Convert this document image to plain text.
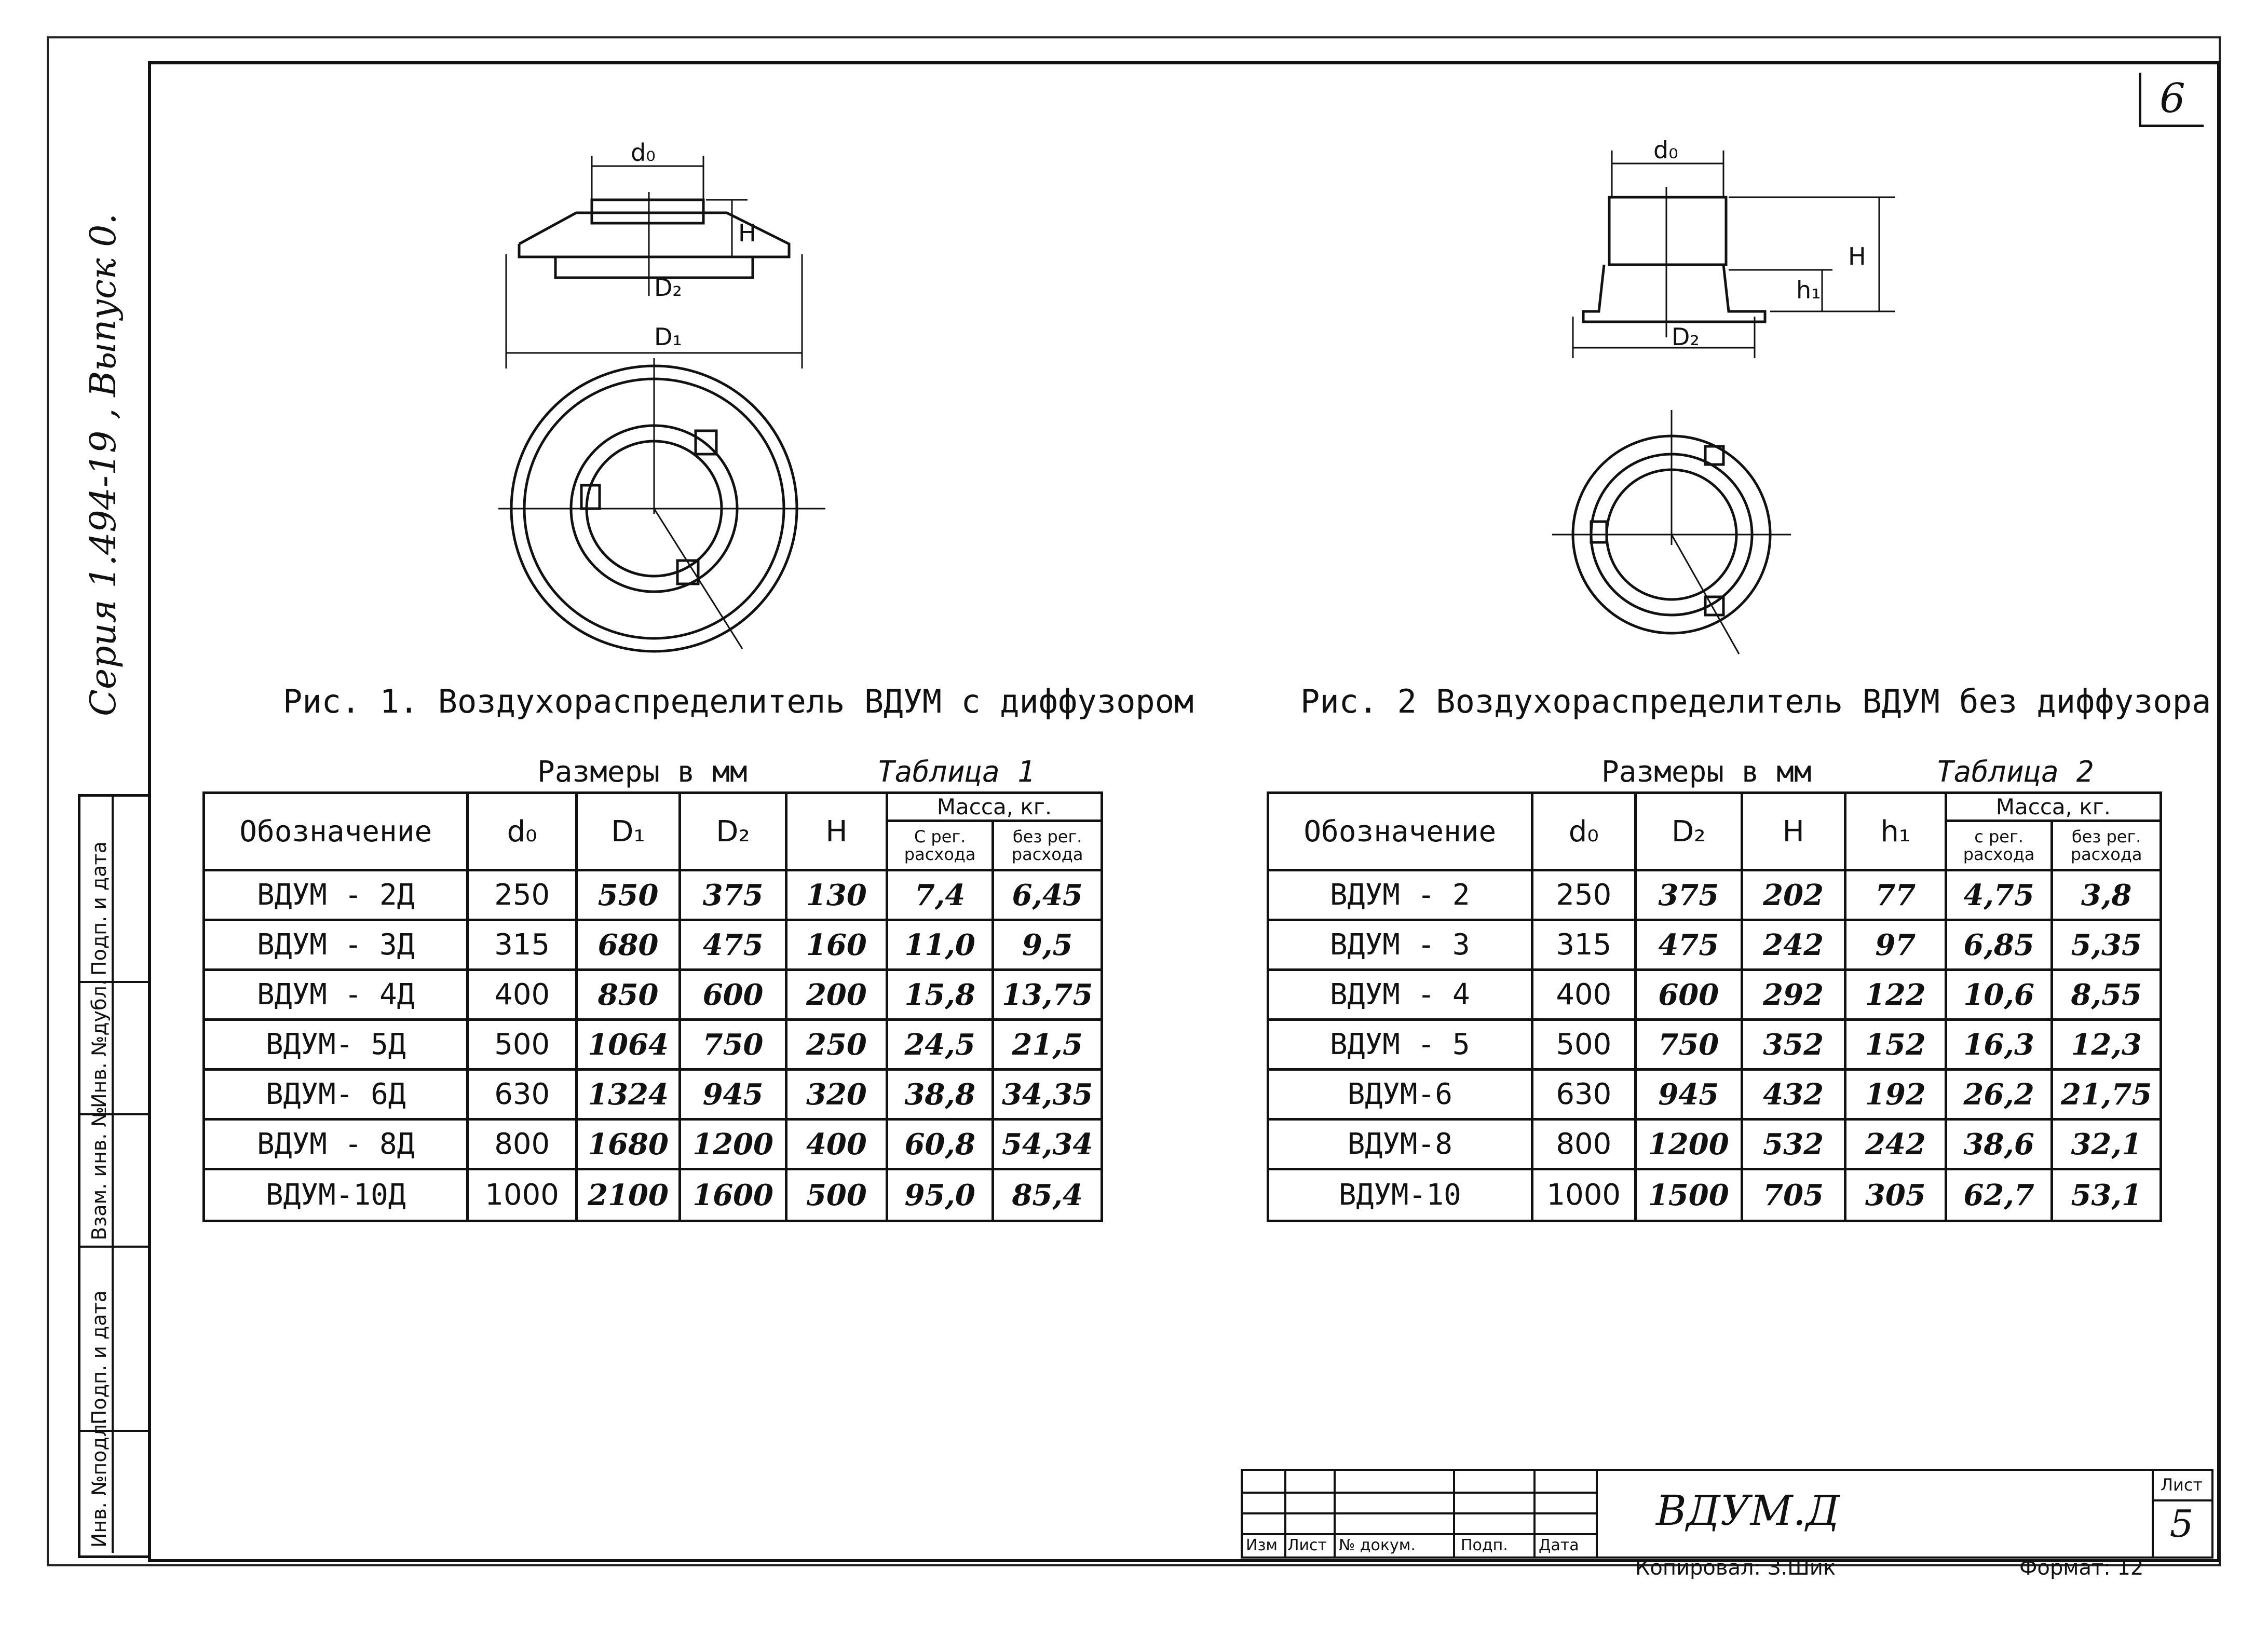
6
Серия 1.494-19 , Выпуск 0.
Подп. и дата
Инв. №дубл.
Взам. инв. №
Подп. и дата
Инв. №подл.
d₀
H
D₂
D₁
Рис. 1. Воздухораспределитель ВДУМ с диффузором
d₀
H
h₁
D₂
Рис. 2 Воздухораспределитель ВДУМ без диффузора
Размеры в мм	Таблица 1
Обозначение	d₀	D₁	D₂	H	Масса, кг.	
					С рег. расхода	без рег. расхода
ВДУМ - 2Д	250	550	375	130	7,4	6,45
ВДУМ - 3Д	315	680	475	160	11,0	9,5
ВДУМ - 4Д	400	850	600	200	15,8	13,75
ВДУМ- 5Д	500	1064	750	250	24,5	21,5
ВДУМ- 6Д	630	1324	945	320	38,8	34,35
ВДУМ - 8Д	800	1680	1200	400	60,8	54,34
ВДУМ-10Д	1000	2100	1600	500	95,0	85,4
Размеры в мм	Таблица 2
Обозначение	d₀	D₂	H	h₁	Масса, кг.	
					с рег. расхода	без рег. расхода
ВДУМ - 2	250	375	202	77	4,75	3,8
ВДУМ - 3	315	475	242	97	6,85	5,35
ВДУМ - 4	400	600	292	122	10,6	8,55
ВДУМ - 5	500	750	352	152	16,3	12,3
ВДУМ-6	630	945	432	192	26,2	21,75
ВДУМ-8	800	1200	532	242	38,6	32,1
ВДУМ-10	1000	1500	705	305	62,7	53,1
Изм Лист № докум.	Подп. Дата
ВДУМ.Д
Лист
5
Копировал: З.Шик	Формат: 12
